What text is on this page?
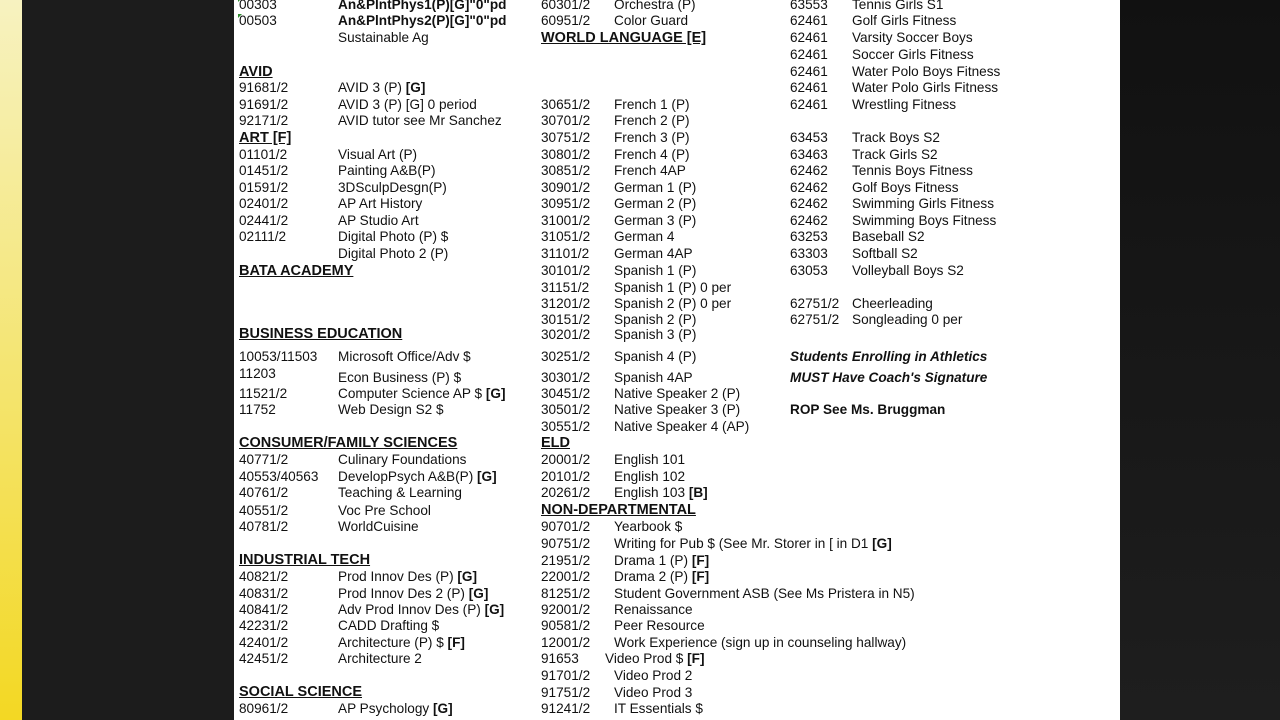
AVID
ART [F]
BATA ACADEMY
BUSINESS EDUCATION
CONSUMER/FAMILY SCIENCES
INDUSTRIAL TECH
SOCIAL SCIENCE
00303	An&PlntPhys1(P)[G]"0"pd
00503	An&PlntPhys2(P)[G]"0"pd
Sustainable Ag
91681/2	AVID 3 (P) [G]
91691/2	AVID 3 (P) [G] 0 period
92171/2	AVID tutor see Mr Sanchez
01101/2	Visual Art (P)
01451/2	Painting A&B(P)
01591/2	3DSculpDesgn(P)
02401/2	AP Art History
02441/2	AP Studio Art
02111/2	Digital Photo (P) $
Digital Photo 2 (P)
10053/11503 Microsoft Office/Adv $
11203	Econ Business (P) $
11521/2	Computer Science AP $ [G]
11752	Web Design S2 $
40771/2	Culinary Foundations
40553/40563 DevelopPsych A&B(P) [G]
40761/2	Teaching & Learning
40551/2	Voc Pre School
40781/2	WorldCuisine
40821/2	Prod Innov Des (P) [G]
40831/2	Prod Innov Des 2 (P) [G]
40841/2	Adv Prod Innov Des (P) [G]
42231/2	CADD Drafting $
42401/2	Architecture (P) $ [F]
42451/2	Architecture 2
80961/2	AP Psychology [G]
WORLD LANGUAGE [E]
ELD
NON-DEPARTMENTAL
60301/2 Orchestra (P)
60951/2 Color Guard
30651/2 French 1 (P)
30701/2 French 2 (P)
30751/2 French 3 (P)
30801/2 French 4 (P)
30851/2 French 4AP
30901/2 German 1 (P)
30951/2 German 2 (P)
31001/2 German 3 (P)
31051/2 German 4
31101/2 German 4AP
30101/2 Spanish 1 (P)
31151/2 Spanish 1 (P) 0 per
31201/2 Spanish 2 (P) 0 per
30151/2 Spanish 2 (P)
30201/2 Spanish 3 (P)
30251/2 Spanish 4 (P)
30301/2 Spanish 4AP
30451/2 Native Speaker 2 (P)
30501/2 Native Speaker 3 (P)
30551/2 Native Speaker 4 (AP)
20001/2 English 101
20101/2 English 102
20261/2 English 103 [B]
90701/2 Yearbook $
90751/2 Writing for Pub $ (See Mr. Storer in [ in D1 [G]
21951/2 Drama 1 (P) [F]
22001/2 Drama 2 (P) [F]
81251/2 Student Government ASB (See Ms Pristera in N5)
92001/2 Renaissance
90581/2 Peer Resource
12001/2 Work Experience (sign up in counseling hallway)
91653 Video Prod $ [F]
91701/2 Video Prod 2
91751/2 Video Prod 3
91241/2 IT Essentials $
63553 Tennis Girls S1
62461 Golf Girls Fitness
62461 Varsity Soccer Boys
62461 Soccer Girls Fitness
62461 Water Polo Boys Fitness
62461 Water Polo Girls Fitness
62461 Wrestling Fitness
63453 Track Boys S2
63463 Track Girls S2
62462 Tennis Boys Fitness
62462 Golf Boys Fitness
62462 Swimming Girls Fitness
62462 Swimming Boys Fitness
63253 Baseball S2
63303 Softball S2
63053 Volleyball Boys S2
62751/2 Cheerleading
62751/2 Songleading 0 per
Students Enrolling in Athletics
MUST Have Coach's Signature
ROP See Ms. Bruggman
